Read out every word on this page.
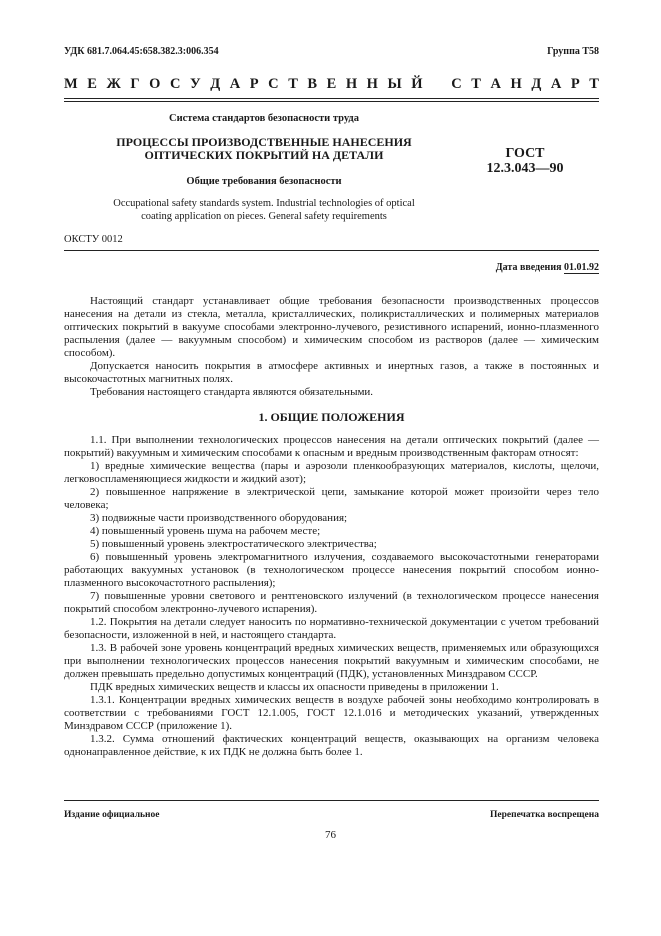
УДК 681.7.064.45:658.382.3:006.354	Группа Т58
М Е Ж Г О С У Д А Р С Т В Е Н Н Ы Й С Т А Н Д А Р Т
Система стандартов безопасности труда
ПРОЦЕССЫ ПРОИЗВОДСТВЕННЫЕ НАНЕСЕНИЯ
ОПТИЧЕСКИХ ПОКРЫТИЙ НА ДЕТАЛИ
Общие требования безопасности
ГОСТ
12.3.043—90
Occupational safety standards system. Industrial technologies of optical
coating application on pieces. General safety requirements
ОКСТУ 0012
Дата введения 01.01.92

Настоящий стандарт устанавливает общие требования безопасности производственных процессов нанесения на детали из стекла, металла, кристаллических, поликристаллических и полимерных материалов оптических покрытий в вакууме способами электронно-лучевого, резистивного испарений, ионно-плазменного распыления (далее — вакуумным способом) и химическим способом из растворов (далее — химическим способом).

Допускается наносить покрытия в атмосфере активных и инертных газов, а также в постоянных и высокочастотных магнитных полях.

Требования настоящего стандарта являются обязательными.

1. ОБЩИЕ ПОЛОЖЕНИЯ

1.1. При выполнении технологических процессов нанесения на детали оптических покрытий (далее — покрытий) вакуумным и химическим способами к опасным и вредным производственным факторам относят:

1) вредные химические вещества (пары и аэрозоли пленкообразующих материалов, кислоты, щелочи, легковоспламеняющиеся жидкости и жидкий азот);

2) повышенное напряжение в электрической цепи, замыкание которой может произойти через тело человека;

3) подвижные части производственного оборудования;

4) повышенный уровень шума на рабочем месте;

5) повышенный уровень электростатического электричества;

6) повышенный уровень электромагнитного излучения, создаваемого высокочастотными генераторами работающих вакуумных установок (в технологическом процессе нанесения покрытий способом ионно-плазменного высокочастотного распыления);

7) повышенные уровни светового и рентгеновского излучений (в технологическом процессе нанесения покрытий способом электронно-лучевого испарения).

1.2. Покрытия на детали следует наносить по нормативно-технической документации с учетом требований безопасности, изложенной в ней, и настоящего стандарта.

1.3. В рабочей зоне уровень концентраций вредных химических веществ, применяемых или образующихся при выполнении технологических процессов нанесения покрытий вакуумным и химическим способами, не должен превышать предельно допустимых концентраций (ПДК), установленных Минздравом СССР.

ПДК вредных химических веществ и классы их опасности приведены в приложении 1.

1.3.1. Концентрации вредных химических веществ в воздухе рабочей зоны необходимо контролировать в соответствии с требованиями ГОСТ 12.1.005, ГОСТ 12.1.016 и методических указаний, утвержденных Минздравом СССР (приложение 1).

1.3.2. Сумма отношений фактических концентраций веществ, оказывающих на организм человека однонаправленное действие, к их ПДК не должна быть более 1.

Издание официальное	Перепечатка воспрещена
76
